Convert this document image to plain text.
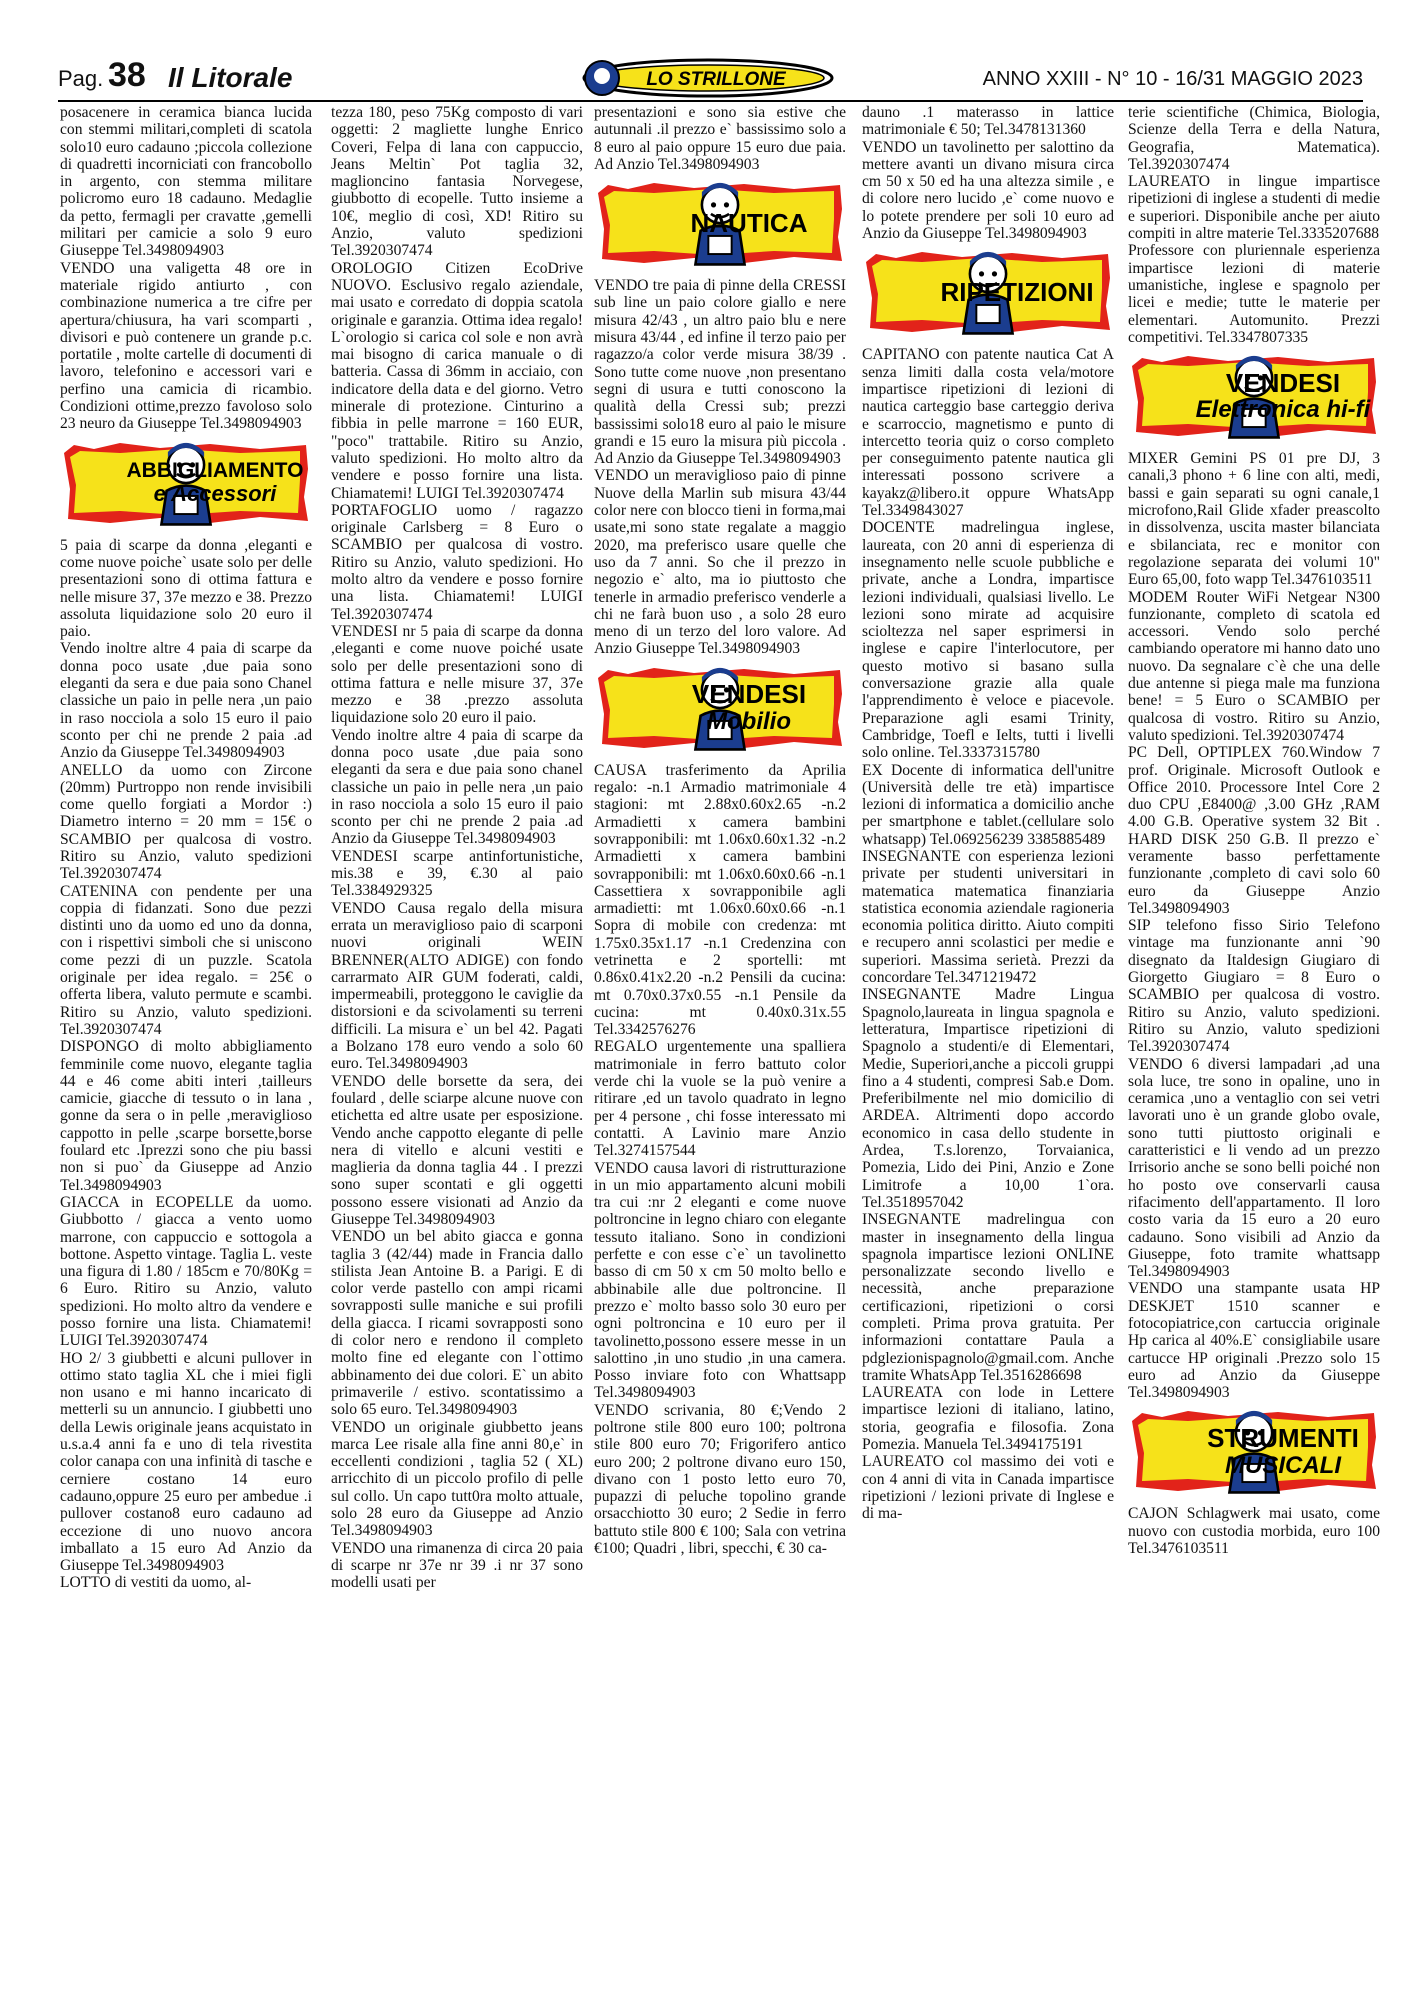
Pag. 38 Il Litorale	LO STRILLONE	ANNO XXIII - N° 10 - 16/31 MAGGIO 2023

posacenere in ceramica bianca lucida con stemmi militari,completi di scatola solo10 euro cadauno ;piccola collezione di quadretti incorniciati con francobollo in argento, con stemma militare policromo euro 18 cadauno. Medaglie da petto, fermagli per cravatte ,gemelli militari per camicie a solo 9 euro Giuseppe Tel.3498094903

VENDO una valigetta 48 ore in materiale rigido antiurto , con combinazione numerica a tre cifre per apertura/chiusura, ha vari scomparti , divisori e può contenere un grande p.c. portatile , molte cartelle di documenti di lavoro, telefonino e accessori vari e perfino una camicia di ricambio. Condizioni ottime,prezzo favoloso solo 23 neuro da Giuseppe Tel.3498094903

ABBIGLIAMENTO
e Accessori

5 paia di scarpe da donna ,eleganti e come nuove poiche` usate solo per delle presentazioni sono di ottima fattura e nelle misure 37, 37e mezzo e 38. Prezzo assoluta liquidazione solo 20 euro il paio.

Vendo inoltre altre 4 paia di scarpe da donna poco usate ,due paia sono eleganti da sera e due paia sono Chanel classiche un paio in pelle nera ,un paio in raso nocciola a solo 15 euro il paio sconto per chi ne prende 2 paia .ad Anzio da Giuseppe Tel.3498094903

ANELLO da uomo con Zircone (20mm) Purtroppo non rende invisibili come quello forgiati a Mordor :) Diametro interno = 20 mm = 15€ o SCAMBIO per qualcosa di vostro. Ritiro su Anzio, valuto spedizioni Tel.3920307474

CATENINA con pendente per una coppia di fidanzati. Sono due pezzi distinti uno da uomo ed uno da donna, con i rispettivi simboli che si uniscono come pezzi di un puzzle. Scatola originale per idea regalo. = 25€ o offerta libera, valuto permute e scambi. Ritiro su Anzio, valuto spedizioni. Tel.3920307474

DISPONGO di molto abbigliamento femminile come nuovo, elegante taglia 44 e 46 come abiti interi ,tailleurs camicie, giacche di tessuto o in lana , gonne da sera o in pelle ,meraviglioso cappotto in pelle ,scarpe borsette,borse foulard etc .Iprezzi sono che piu bassi non si puo` da Giuseppe ad Anzio Tel.3498094903

GIACCA in ECOPELLE da uomo. Giubbotto / giacca a vento uomo marrone, con cappuccio e sottogola a bottone. Aspetto vintage. Taglia L. veste una figura di 1.80 / 185cm e 70/80Kg = 6 Euro. Ritiro su Anzio, valuto spedizioni. Ho molto altro da vendere e posso fornire una lista. Chiamatemi! LUIGI Tel.3920307474

HO 2/ 3 giubbetti e alcuni pullover in ottimo stato taglia XL che i miei figli non usano e mi hanno incaricato di metterli su un annuncio. I giubbetti uno della Lewis originale jeans acquistato in u.s.a.4 anni fa e uno di tela rivestita color canapa con una infinità di tasche e cerniere costano 14 euro cadauno,oppure 25 euro per ambedue .i pullover costano8 euro cadauno ad eccezione di uno nuovo ancora imballato a 15 euro Ad Anzio da Giuseppe Tel.3498094903

LOTTO di vestiti da uomo, al-

tezza 180, peso 75Kg composto di vari oggetti: 2 magliette lunghe Enrico Coveri, Felpa di lana con cappuccio, Jeans Meltin` Pot taglia 32, maglioncino fantasia Norvegese, giubbotto di ecopelle. Tutto insieme a 10€, meglio di così, XD! Ritiro su Anzio, valuto spedizioni Tel.3920307474

OROLOGIO Citizen EcoDrive NUOVO. Esclusivo regalo aziendale, mai usato e corredato di doppia scatola originale e garanzia. Ottima idea regalo! L`orologio si carica col sole e non avrà mai bisogno di carica manuale o di batteria. Cassa di 36mm in acciaio, con indicatore della data e del giorno. Vetro minerale di protezione. Cinturino a fibbia in pelle marrone = 160 EUR, "poco" trattabile. Ritiro su Anzio, valuto spedizioni. Ho molto altro da vendere e posso fornire una lista. Chiamatemi! LUIGI Tel.3920307474

PORTAFOGLIO uomo / ragazzo originale Carlsberg = 8 Euro o SCAMBIO per qualcosa di vostro. Ritiro su Anzio, valuto spedizioni. Ho molto altro da vendere e posso fornire una lista. Chiamatemi! LUIGI Tel.3920307474

VENDESI nr 5 paia di scarpe da donna ,eleganti e come nuove poiché usate solo per delle presentazioni sono di ottima fattura e nelle misure 37, 37e mezzo e 38 .prezzo assoluta liquidazione solo 20 euro il paio.

Vendo inoltre altre 4 paia di scarpe da donna poco usate ,due paia sono eleganti da sera e due paia sono chanel classiche un paio in pelle nera ,un paio in raso nocciola a solo 15 euro il paio sconto per chi ne prende 2 paia .ad Anzio da Giuseppe Tel.3498094903

VENDESI scarpe antinfortunistiche, mis.38 e 39, €.30 al paio Tel.3384929325

VENDO Causa regalo della misura errata un meraviglioso paio di scarponi nuovi originali WEIN BRENNER(ALTO ADIGE) con fondo carrarmato AIR GUM foderati, caldi, impermeabili, proteggono le caviglie da distorsioni e da scivolamenti su terreni difficili. La misura e` un bel 42. Pagati a Bolzano 178 euro vendo a solo 60 euro. Tel.3498094903

VENDO delle borsette da sera, dei foulard , delle sciarpe alcune nuove con etichetta ed altre usate per esposizione. Vendo anche cappotto elegante di pelle nera di vitello e alcuni vestiti e maglieria da donna taglia 44 . I prezzi sono super scontati e gli oggetti possono essere visionati ad Anzio da Giuseppe Tel.3498094903

VENDO un bel abito giacca e gonna taglia 3 (42/44) made in Francia dallo stilista Jean Antoine B. a Parigi. E di color verde pastello con ampi ricami sovrapposti sulle maniche e sui profili della giacca. I ricami sovrapposti sono di color nero e rendono il completo molto fine ed elegante con l`ottimo abbinamento dei due colori. E` un abito primaverile / estivo. scontatissimo a solo 65 euro. Tel.3498094903

VENDO un originale giubbetto jeans marca Lee risale alla fine anni 80,e` in eccellenti condizioni , taglia 52 ( XL) arricchito di un piccolo profilo di pelle sul collo. Un capo tutt0ra molto attuale, solo 28 euro da Giuseppe ad Anzio Tel.3498094903

VENDO una rimanenza di circa 20 paia di scarpe nr 37e nr 39 .i nr 37 sono modelli usati per

presentazioni e sono sia estive che autunnali .il prezzo e` bassissimo solo a 8 euro al paio oppure 15 euro due paia. Ad Anzio Tel.3498094903

NAUTICA

VENDO tre paia di pinne della CRESSI sub line un paio colore giallo e nere misura 42/43 , un altro paio blu e nere misura 43/44 , ed infine il terzo paio per ragazzo/a color verde misura 38/39 . Sono tutte come nuove ,non presentano segni di usura e tutti conoscono la qualità della Cressi sub; prezzi bassissimi solo18 euro al paio le misure grandi e 15 euro la misura più piccola . Ad Anzio da Giuseppe Tel.3498094903

VENDO un meraviglioso paio di pinne Nuove della Marlin sub misura 43/44 color nere con blocco tieni in forma,mai usate,mi sono state regalate a maggio 2020, ma preferisco usare quelle che uso da 7 anni. So che il prezzo in negozio e` alto, ma io piuttosto che tenerle in armadio preferisco venderle a chi ne farà buon uso , a solo 28 euro meno di un terzo del loro valore. Ad Anzio Giuseppe Tel.3498094903

VENDESI
Mobilio

CAUSA trasferimento da Aprilia regalo: -n.1 Armadio matrimoniale 4 stagioni: mt 2.88x0.60x2.65 -n.2 Armadietti x camera bambini sovrapponibili: mt 1.06x0.60x1.32 -n.2 Armadietti x camera bambini sovrapponibili: mt 1.06x0.60x0.66 -n.1 Cassettiera x sovrapponibile agli armadietti: mt 1.06x0.60x0.66 -n.1 Sopra di mobile con credenza: mt 1.75x0.35x1.17 -n.1 Credenzina con vetrinetta e 2 sportelli: mt 0.86x0.41x2.20 -n.2 Pensili da cucina: mt 0.70x0.37x0.55 -n.1 Pensile da cucina: mt 0.40x0.31x.55 Tel.3342576276

REGALO urgentemente una spalliera matrimoniale in ferro battuto color verde chi la vuole se la può venire a ritirare ,ed un tavolo quadrato in legno per 4 persone , chi fosse interessato mi contatti. A Lavinio mare Anzio Tel.3274157544

VENDO causa lavori di ristrutturazione in un mio appartamento alcuni mobili tra cui :nr 2 eleganti e come nuove poltroncine in legno chiaro con elegante tessuto italiano. Sono in condizioni perfette e con esse c`e` un tavolinetto basso di cm 50 x cm 50 molto bello e abbinabile alle due poltroncine. Il prezzo e` molto basso solo 30 euro per ogni poltroncina e 10 euro per il tavolinetto,possono essere messe in un salottino ,in uno studio ,in una camera. Posso inviare foto con Whattsapp Tel.3498094903

VENDO scrivania, 80 €;Vendo 2 poltrone stile 800 euro 100; poltrona stile 800 euro 70; Frigorifero antico euro 200; 2 poltrone divano euro 150, divano con 1 posto letto euro 70, pupazzi di peluche topolino grande orsacchiotto 30 euro; 2 Sedie in ferro battuto stile 800 € 100; Sala con vetrina €100; Quadri , libri, specchi, € 30 ca-

dauno .1 materasso in lattice matrimoniale € 50; Tel.3478131360

VENDO un tavolinetto per salottino da mettere avanti un divano misura circa cm 50 x 50 ed ha una altezza simile , e di colore nero lucido ,e` come nuovo e lo potete prendere per soli 10 euro ad Anzio da Giuseppe Tel.3498094903

RIPETIZIONI

CAPITANO con patente nautica Cat A senza limiti dalla costa vela/motore impartisce ripetizioni di lezioni di nautica carteggio base carteggio deriva e scarroccio, magnetismo e punto di intercetto teoria quiz o corso completo per conseguimento patente nautica gli interessati possono scrivere a kayakz@libero.it oppure WhatsApp Tel.3349843027

DOCENTE madrelingua inglese, laureata, con 20 anni di esperienza di insegnamento nelle scuole pubbliche e private, anche a Londra, impartisce lezioni individuali, qualsiasi livello. Le lezioni sono mirate ad acquisire scioltezza nel saper esprimersi in inglese e capire l'interlocutore, per questo motivo si basano sulla conversazione grazie alla quale l'apprendimento è veloce e piacevole. Preparazione agli esami Trinity, Cambridge, Toefl e Ielts, tutti i livelli solo online. Tel.3337315780

EX Docente di informatica dell'unitre (Università delle tre età) impartisce lezioni di informatica a domicilio anche per smartphone e tablet.(cellulare solo whatsapp) Tel.069256239 3385885489

INSEGNANTE con esperienza lezioni private per studenti universitari in matematica matematica finanziaria statistica economia aziendale ragioneria economia politica diritto. Aiuto compiti e recupero anni scolastici per medie e superiori. Massima serietà. Prezzi da concordare Tel.3471219472

INSEGNANTE Madre Lingua Spagnolo,laureata in lingua spagnola e letteratura, Impartisce ripetizioni di Spagnolo a studenti/e di Elementari, Medie, Superiori,anche a piccoli gruppi fino a 4 studenti, compresi Sab.e Dom. Preferibilmente nel mio domicilio di ARDEA. Altrimenti dopo accordo economico in casa dello studente in Ardea, T.s.lorenzo, Torvaianica, Pomezia, Lido dei Pini, Anzio e Zone Limitrofe a 10,00 1`ora. Tel.3518957042

INSEGNANTE madrelingua con master in insegnamento della lingua spagnola impartisce lezioni ONLINE personalizzate secondo livello e necessità, anche preparazione certificazioni, ripetizioni o corsi completi. Prima prova gratuita. Per informazioni contattare Paula a pdglezionispagnolo@gmail.com. Anche tramite WhatsApp Tel.3516286698

LAUREATA con lode in Lettere impartisce lezioni di italiano, latino, storia, geografia e filosofia. Zona Pomezia. Manuela Tel.3494175191

LAUREATO col massimo dei voti e con 4 anni di vita in Canada impartisce ripetizioni / lezioni private di Inglese e di ma-

terie scientifiche (Chimica, Biologia, Scienze della Terra e della Natura, Geografia, Matematica). Tel.3920307474

LAUREATO in lingue impartisce ripetizioni di inglese a studenti di medie e superiori. Disponibile anche per aiuto compiti in altre materie Tel.3335207688

Professore con pluriennale esperienza impartisce lezioni di materie umanistiche, inglese e spagnolo per licei e medie; tutte le materie per elementari. Automunito. Prezzi competitivi. Tel.3347807335

VENDESI
Elettronica hi-fi

MIXER Gemini PS 01 pre DJ, 3 canali,3 phono + 6 line con alti, medi, bassi e gain separati su ogni canale,1 microfono,Rail Glide xfader preascolto in dissolvenza, uscita master bilanciata e sbilanciata, rec e monitor con regolazione separata dei volumi 10" Euro 65,00, foto wapp Tel.3476103511

MODEM Router WiFi Netgear N300 funzionante, completo di scatola ed accessori. Vendo solo perché cambiando operatore mi hanno dato uno nuovo. Da segnalare c`è che una delle due antenne si piega male ma funziona bene! = 5 Euro o SCAMBIO per qualcosa di vostro. Ritiro su Anzio, valuto spedizioni. Tel.3920307474

PC Dell, OPTIPLEX 760.Window 7 prof. Originale. Microsoft Outlook e Office 2010. Processore Intel Core 2 duo CPU ,E8400@ ,3.00 GHz ,RAM 4.00 G.B. Operative system 32 Bit . HARD DISK 250 G.B. Il prezzo e` veramente basso perfettamente funzionante ,completo di cavi solo 60 euro da Giuseppe Anzio Tel.3498094903

SIP telefono fisso Sirio Telefono vintage ma funzionante anni `90 disegnato da Italdesign Giugiaro di Giorgetto Giugiaro = 8 Euro o SCAMBIO per qualcosa di vostro. Ritiro su Anzio, valuto spedizioni. Ritiro su Anzio, valuto spedizioni Tel.3920307474

VENDO 6 diversi lampadari ,ad una sola luce, tre sono in opaline, uno in ceramica ,uno a ventaglio con sei vetri lavorati uno è un grande globo ovale, sono tutti piuttosto originali e caratteristici e li vendo ad un prezzo Irrisorio anche se sono belli poiché non ho posto ove conservarli causa rifacimento dell'appartamento. Il loro costo varia da 15 euro a 20 euro cadauno. Sono visibili ad Anzio da Giuseppe, foto tramite whattsapp Tel.3498094903

VENDO una stampante usata HP DESKJET 1510 scanner e fotocopiatrice,con cartuccia originale Hp carica al 40%.E` consigliabile usare cartucce HP originali .Prezzo solo 15 euro ad Anzio da Giuseppe Tel.3498094903

STRUMENTI
MUSICALI

CAJON Schlagwerk mai usato, come nuovo con custodia morbida, euro 100 Tel.3476103511
